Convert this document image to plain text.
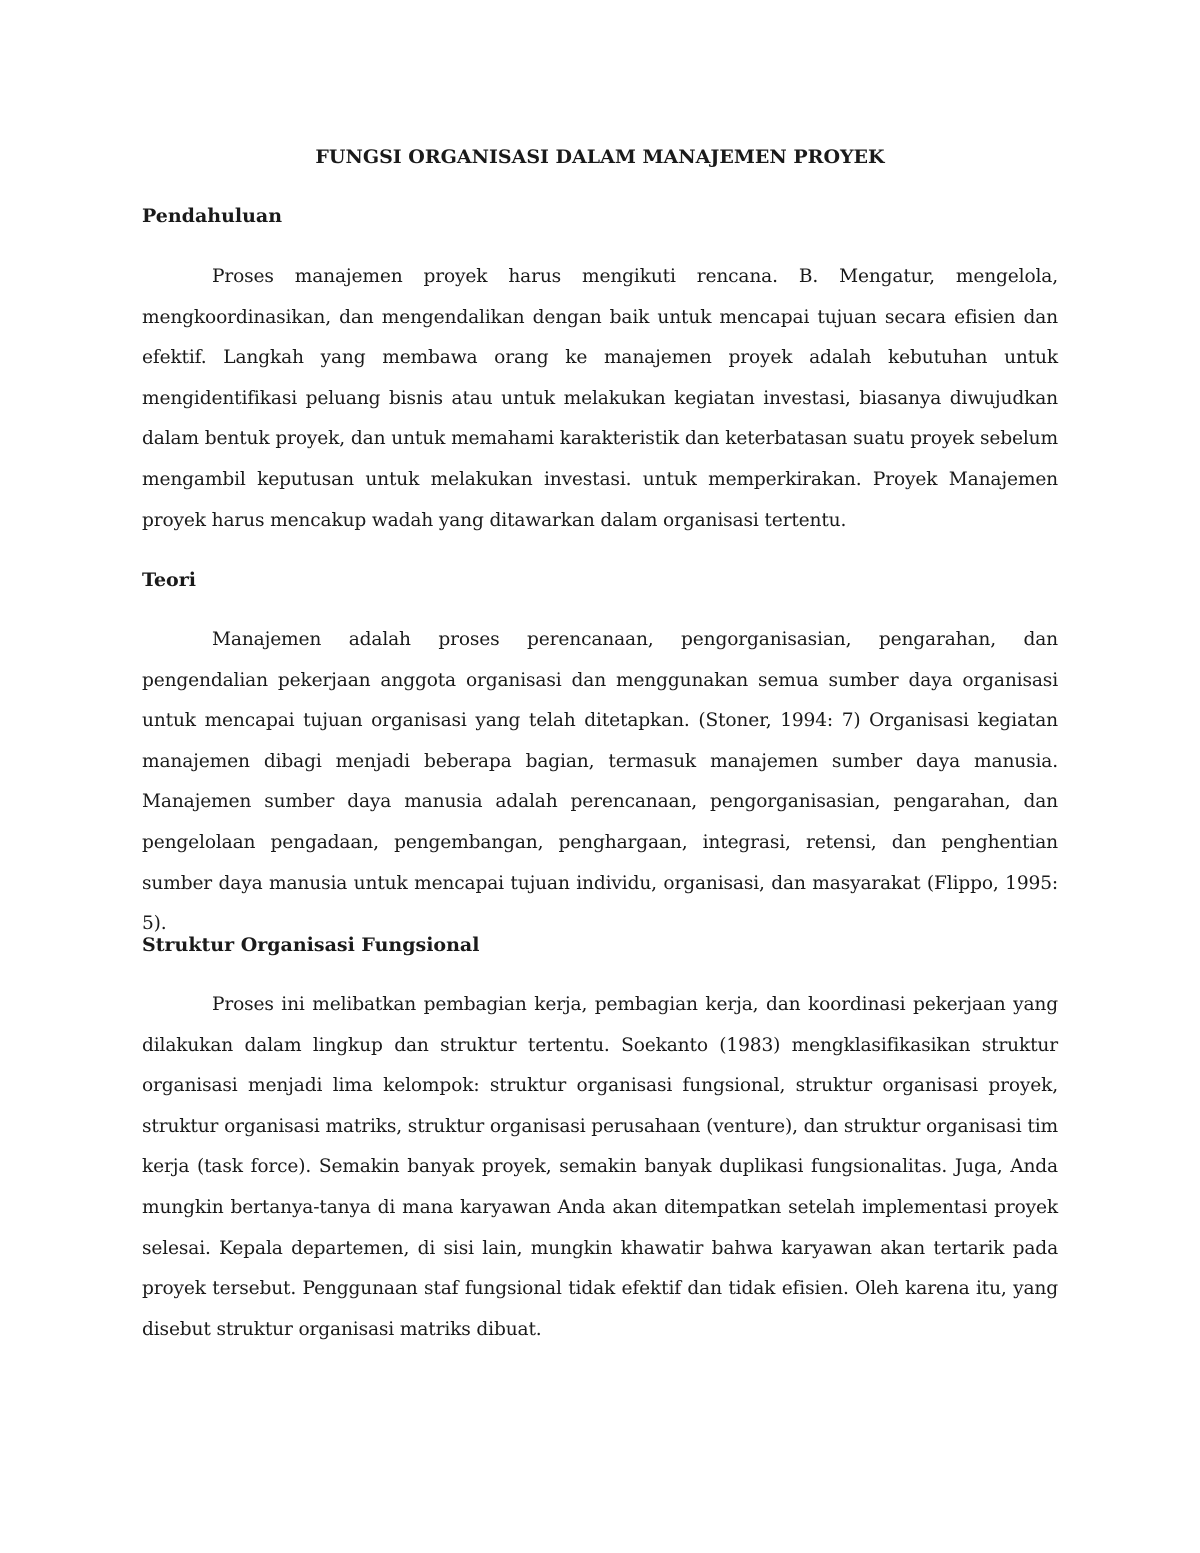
FUNGSI ORGANISASI DALAM MANAJEMEN PROYEK
Pendahuluan

Proses manajemen proyek harus mengikuti rencana. B. Mengatur, mengelola, mengkoordinasikan, dan mengendalikan dengan baik untuk mencapai tujuan secara efisien dan efektif. Langkah yang membawa orang ke manajemen proyek adalah kebutuhan untuk mengidentifikasi peluang bisnis atau untuk melakukan kegiatan investasi, biasanya diwujudkan dalam bentuk proyek, dan untuk memahami karakteristik dan keterbatasan suatu proyek sebelum mengambil keputusan untuk melakukan investasi. untuk memperkirakan. Proyek Manajemen proyek harus mencakup wadah yang ditawarkan dalam organisasi tertentu.

Teori

Manajemen adalah proses perencanaan, pengorganisasian, pengarahan, dan pengendalian pekerjaan anggota organisasi dan menggunakan semua sumber daya organisasi untuk mencapai tujuan organisasi yang telah ditetapkan. (Stoner, 1994: 7) Organisasi kegiatan manajemen dibagi menjadi beberapa bagian, termasuk manajemen sumber daya manusia. Manajemen sumber daya manusia adalah perencanaan, pengorganisasian, pengarahan, dan pengelolaan pengadaan, pengembangan, penghargaan, integrasi, retensi, dan penghentian sumber daya manusia untuk mencapai tujuan individu, organisasi, dan masyarakat (Flippo, 1995: 5).

Struktur Organisasi Fungsional

Proses ini melibatkan pembagian kerja, pembagian kerja, dan koordinasi pekerjaan yang dilakukan dalam lingkup dan struktur tertentu. Soekanto (1983) mengklasifikasikan struktur organisasi menjadi lima kelompok: struktur organisasi fungsional, struktur organisasi proyek, struktur organisasi matriks, struktur organisasi perusahaan (venture), dan struktur organisasi tim kerja (task force). Semakin banyak proyek, semakin banyak duplikasi fungsionalitas. Juga, Anda mungkin bertanya-tanya di mana karyawan Anda akan ditempatkan setelah implementasi proyek selesai. Kepala departemen, di sisi lain, mungkin khawatir bahwa karyawan akan tertarik pada proyek tersebut. Penggunaan staf fungsional tidak efektif dan tidak efisien. Oleh karena itu, yang disebut struktur organisasi matriks dibuat.
